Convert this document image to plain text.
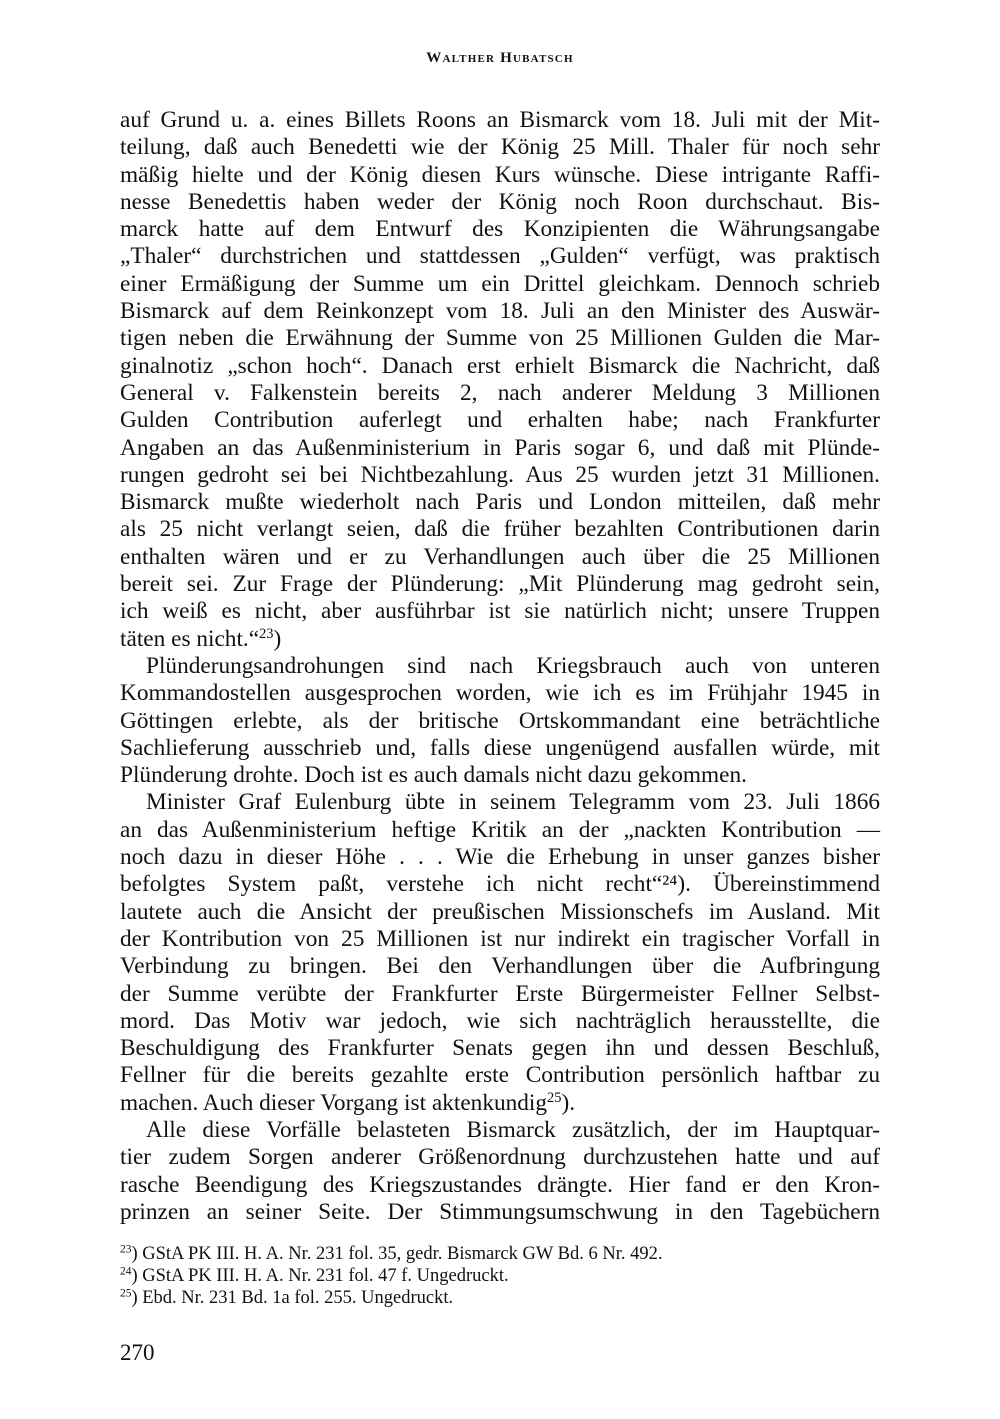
Walther Hubatsch

auf Grund u. a. eines Billets Roons an Bismarck vom 18. Juli mit der Mit-
teilung, daß auch Benedetti wie der König 25 Mill. Thaler für noch sehr
mäßig hielte und der König diesen Kurs wünsche. Diese intrigante Raffi-
nesse Benedettis haben weder der König noch Roon durchschaut. Bis-
marck hatte auf dem Entwurf des Konzipienten die Währungsangabe
„Thaler“ durchstrichen und stattdessen „Gulden“ verfügt, was praktisch
einer Ermäßigung der Summe um ein Drittel gleichkam. Dennoch schrieb
Bismarck auf dem Reinkonzept vom 18. Juli an den Minister des Auswär-
tigen neben die Erwähnung der Summe von 25 Millionen Gulden die Mar-
ginalnotiz „schon hoch“. Danach erst erhielt Bismarck die Nachricht, daß
General v. Falkenstein bereits 2, nach anderer Meldung 3 Millionen
Gulden Contribution auferlegt und erhalten habe; nach Frankfurter
Angaben an das Außenministerium in Paris sogar 6, und daß mit Plünde-
rungen gedroht sei bei Nichtbezahlung. Aus 25 wurden jetzt 31 Millionen.
Bismarck mußte wiederholt nach Paris und London mitteilen, daß mehr
als 25 nicht verlangt seien, daß die früher bezahlten Contributionen darin
enthalten wären und er zu Verhandlungen auch über die 25 Millionen
bereit sei. Zur Frage der Plünderung: „Mit Plünderung mag gedroht sein,
ich weiß es nicht, aber ausführbar ist sie natürlich nicht; unsere Truppen
täten es nicht.“$^{23}$)

Plünderungsandrohungen sind nach Kriegsbrauch auch von unteren
Kommandostellen ausgesprochen worden, wie ich es im Frühjahr 1945 in
Göttingen erlebte, als der britische Ortskommandant eine beträchtliche
Sachlieferung ausschrieb und, falls diese ungenügend ausfallen würde, mit
Plünderung drohte. Doch ist es auch damals nicht dazu gekommen.

Minister Graf Eulenburg übte in seinem Telegramm vom 23. Juli 1866
an das Außenministerium heftige Kritik an der „nackten Kontribution —
noch dazu in dieser Höhe . . . Wie die Erhebung in unser ganzes bisher
befolgtes System paßt, verstehe ich nicht recht“²⁴). Übereinstimmend
lautete auch die Ansicht der preußischen Missionschefs im Ausland. Mit
der Kontribution von 25 Millionen ist nur indirekt ein tragischer Vorfall in
Verbindung zu bringen. Bei den Verhandlungen über die Aufbringung
der Summe verübte der Frankfurter Erste Bürgermeister Fellner Selbst-
mord. Das Motiv war jedoch, wie sich nachträglich herausstellte, die
Beschuldigung des Frankfurter Senats gegen ihn und dessen Beschluß,
Fellner für die bereits gezahlte erste Contribution persönlich haftbar zu
machen. Auch dieser Vorgang ist aktenkundig$^{25}$).

Alle diese Vorfälle belasteten Bismarck zusätzlich, der im Hauptquar-
tier zudem Sorgen anderer Größenordnung durchzustehen hatte und auf
rasche Beendigung des Kriegszustandes drängte. Hier fand er den Kron-
prinzen an seiner Seite. Der Stimmungsumschwung in den Tagebüchern

$^{23}$) GStA PK III. H. A. Nr. 231 fol. 35, gedr. Bismarck GW Bd. 6 Nr. 492.
$^{24}$) GStA PK III. H. A. Nr. 231 fol. 47 f. Ungedruckt.
$^{25}$) Ebd. Nr. 231 Bd. 1a fol. 255. Ungedruckt.
270
